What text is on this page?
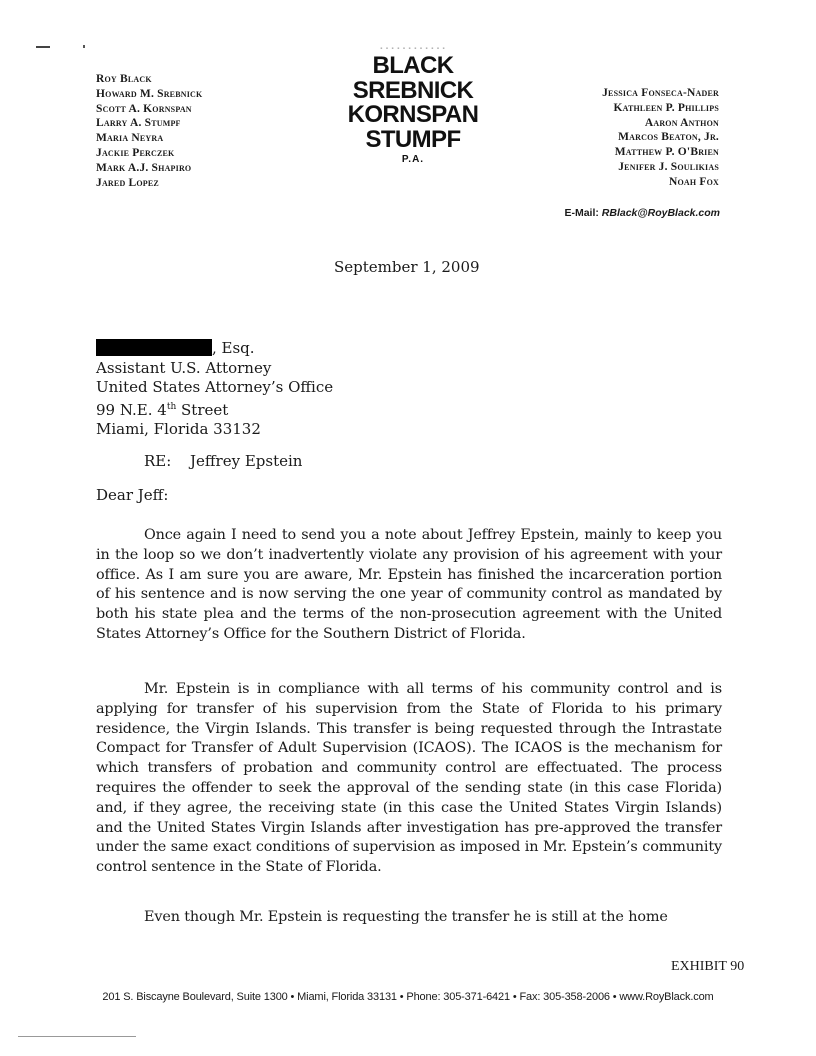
Roy Black
Howard M. Srebnick
Scott A. Kornspan
Larry A. Stumpf
Maria Neyra
Jackie Perczek
Mark A.J. Shapiro
Jared Lopez
- - - - - - - - - - - -
BLACK
SREBNICK
KORNSPAN
STUMPF
P.A.
Jessica Fonseca-Nader
Kathleen P. Phillips
Aaron Anthon
Marcos Beaton, Jr.
Matthew P. O'Brien
Jenifer J. Soulikias
Noah Fox
E-Mail: RBlack@RoyBlack.com
September 1, 2009
, Esq.
Assistant U.S. Attorney
United States Attorney’s Office
99 N.E. 4th Street
Miami, Florida 33132
RE: Jeffrey Epstein
Dear Jeff:
Once again I need to send you a note about Jeffrey Epstein, mainly to keep you in the loop so we don’t inadvertently violate any provision of his agreement with your office. As I am sure you are aware, Mr. Epstein has finished the incarceration portion of his sentence and is now serving the one year of community control as mandated by both his state plea and the terms of the non-prosecution agreement with the United States Attorney’s Office for the Southern District of Florida.
Mr. Epstein is in compliance with all terms of his community control and is applying for transfer of his supervision from the State of Florida to his primary residence, the Virgin Islands. This transfer is being requested through the Intrastate Compact for Transfer of Adult Supervision (ICAOS). The ICAOS is the mechanism for which transfers of probation and community control are effectuated. The process requires the offender to seek the approval of the sending state (in this case Florida) and, if they agree, the receiving state (in this case the United States Virgin Islands) and the United States Virgin Islands after investigation has pre-approved the transfer under the same exact conditions of supervision as imposed in Mr. Epstein’s community control sentence in the State of Florida.
Even though Mr. Epstein is requesting the transfer he is still at the home
EXHIBIT 90
201 S. Biscayne Boulevard, Suite 1300 • Miami, Florida 33131 • Phone: 305-371-6421 • Fax: 305-358-2006 • www.RoyBlack.com
